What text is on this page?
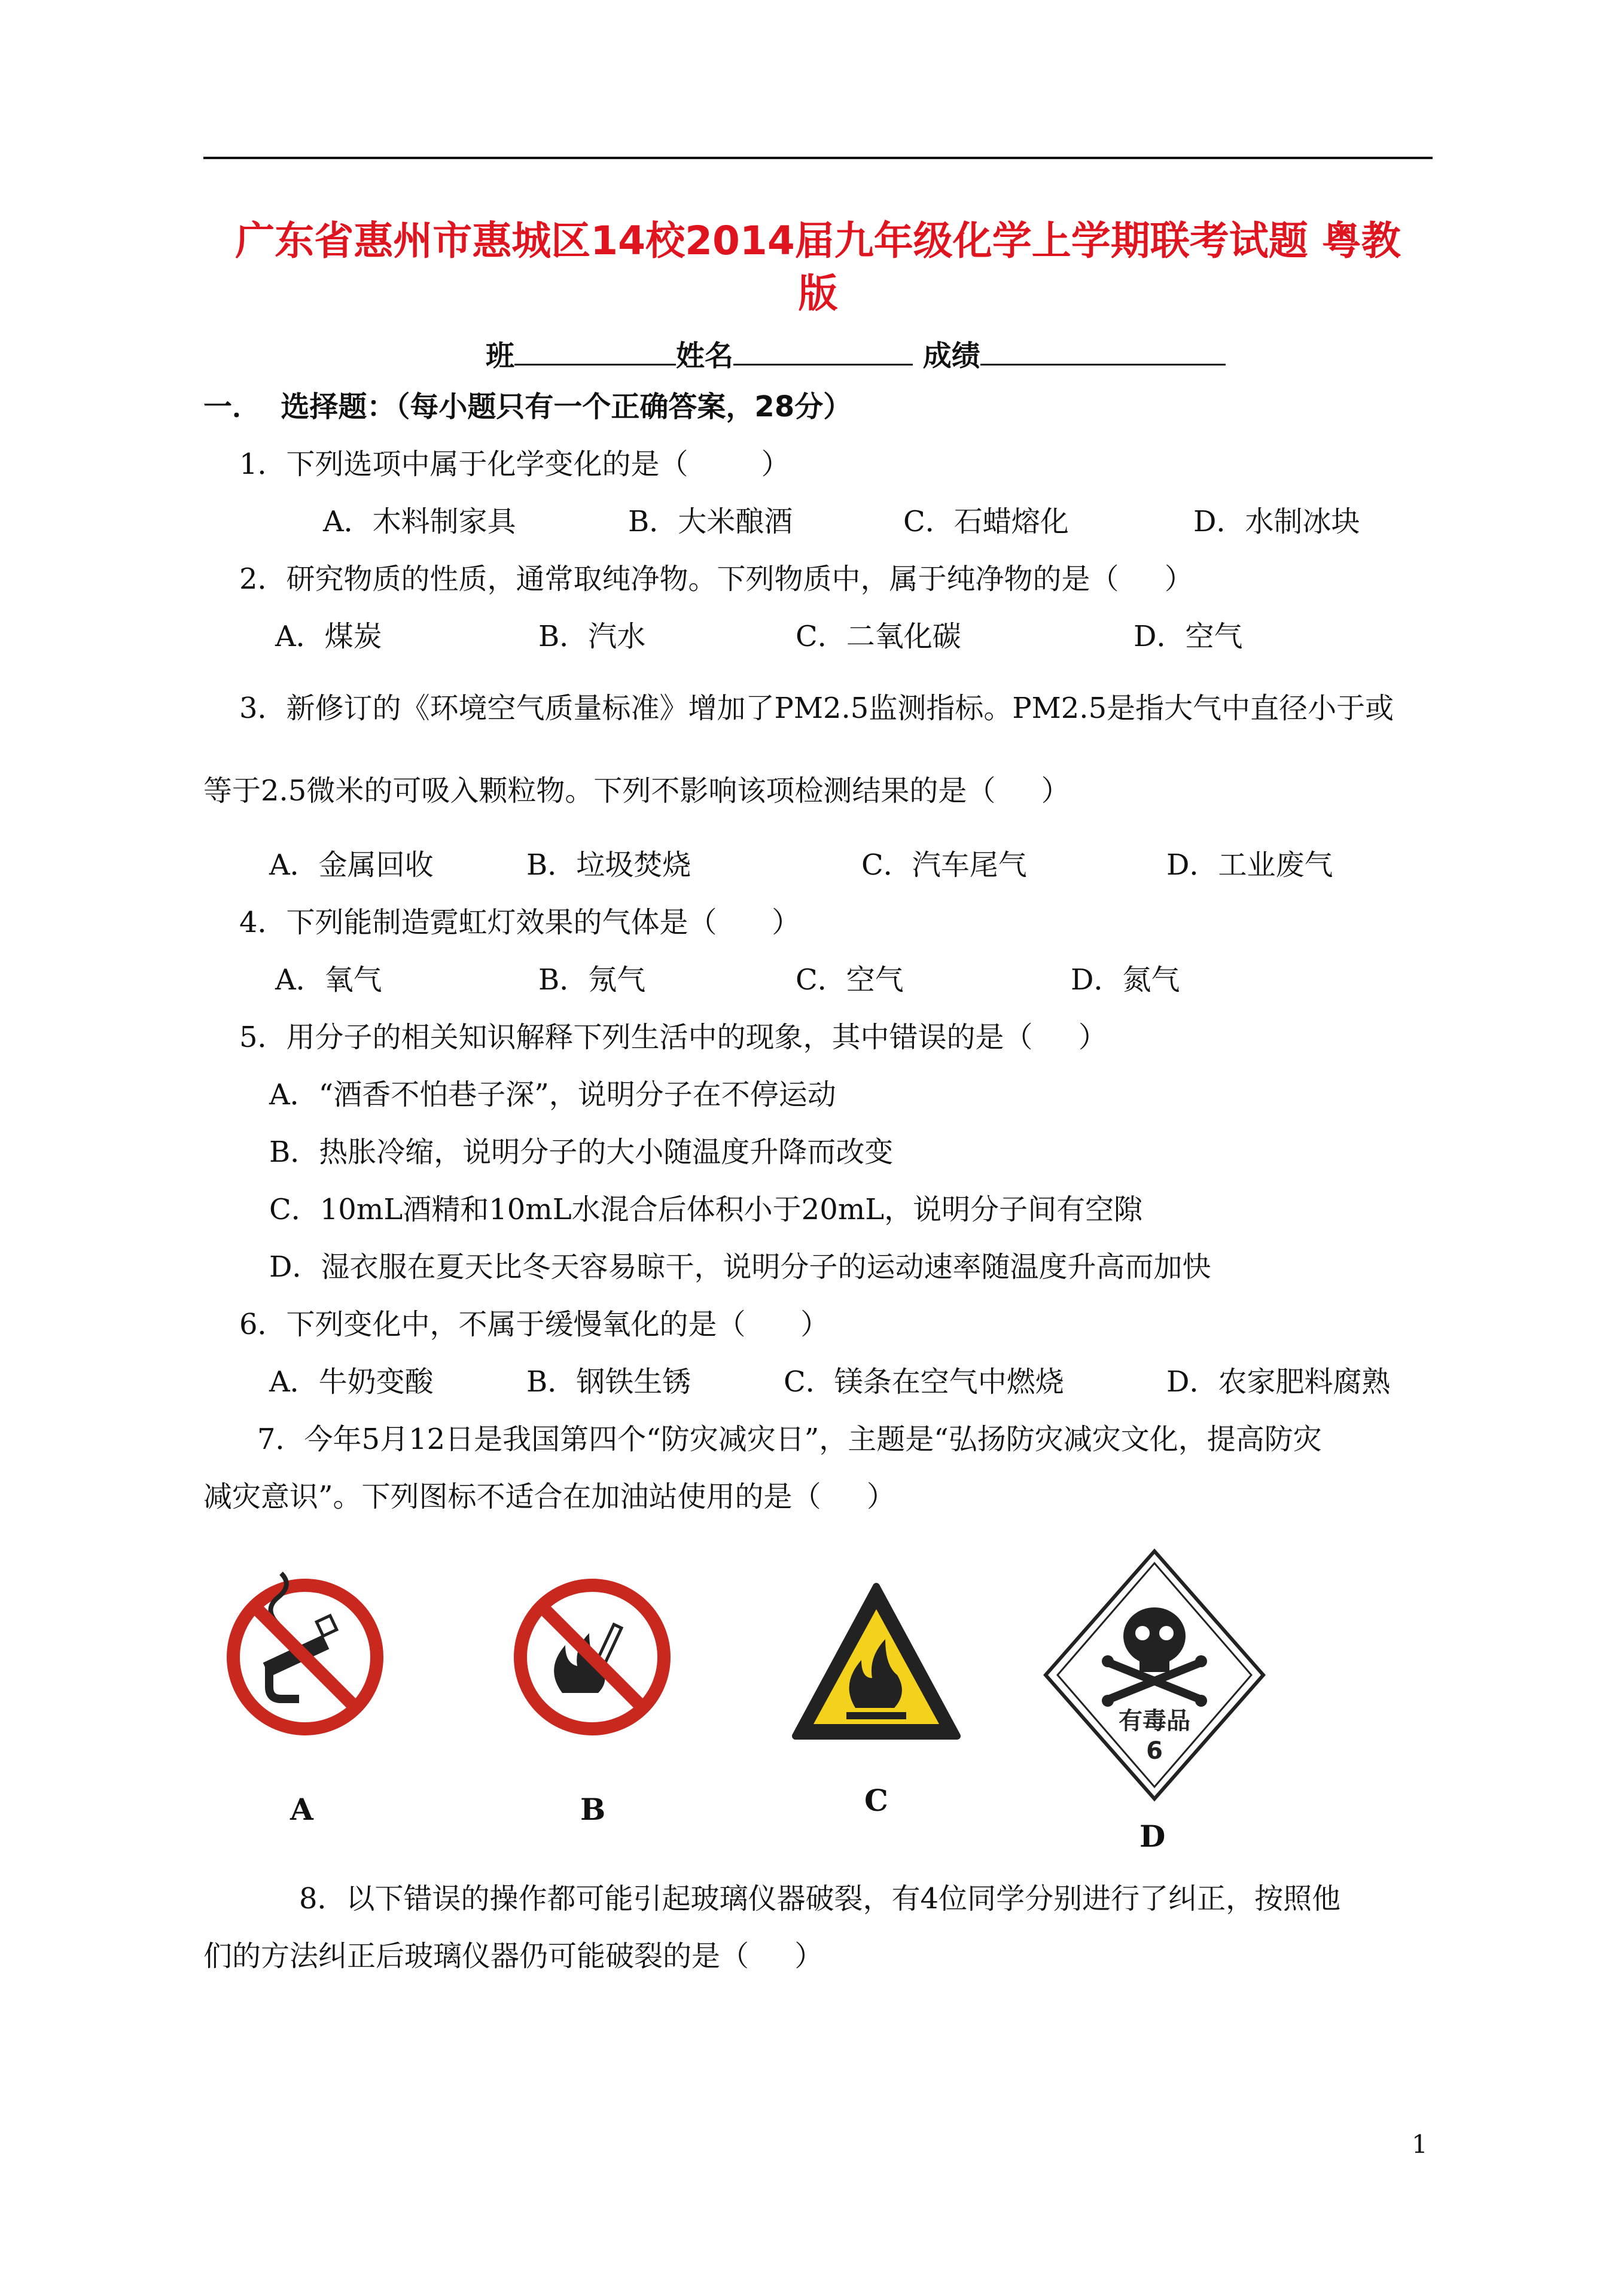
广东省惠州市惠城区14校2014届九年级化学上学期联考试题 粤教
版
班	姓名	成绩
一．  选择题：（每小题只有一个正确答案，28分）
1．下列选项中属于化学变化的是（        ）
A．木料制家具	B．大米酿酒	C．石蜡熔化	D．水制冰块
2．研究物质的性质，通常取纯净物。下列物质中，属于纯净物的是（     ）
A．煤炭	B．汽水	C．二氧化碳	D．空气
3．新修订的《环境空气质量标准》增加了PM2.5监测指标。PM2.5是指大气中直径小于或
等于2.5微米的可吸入颗粒物。下列不影响该项检测结果的是（     ）
A．金属回收	B．垃圾焚烧	C．汽车尾气	D．工业废气
4．下列能制造霓虹灯效果的气体是（      ）
A．氧气	B．氖气	C．空气	D．氮气
5．用分子的相关知识解释下列生活中的现象，其中错误的是（     ）
A．“酒香不怕巷子深”，说明分子在不停运动
B．热胀冷缩，说明分子的大小随温度升降而改变
C．10mL酒精和10mL水混合后体积小于20mL，说明分子间有空隙
D．湿衣服在夏天比冬天容易晾干，说明分子的运动速率随温度升高而加快
6．下列变化中，不属于缓慢氧化的是（      ）
A．牛奶变酸	B．钢铁生锈	C．镁条在空气中燃烧	D．农家肥料腐熟
7．今年5月12日是我国第四个“防灾减灾日”，主题是“弘扬防灾减灾文化，提高防灾
减灾意识”。下列图标不适合在加油站使用的是（     ）
A	B	C
有毒品
6
D
8．以下错误的操作都可能引起玻璃仪器破裂，有4位同学分别进行了纠正，按照他
们的方法纠正后玻璃仪器仍可能破裂的是（     ）
1
